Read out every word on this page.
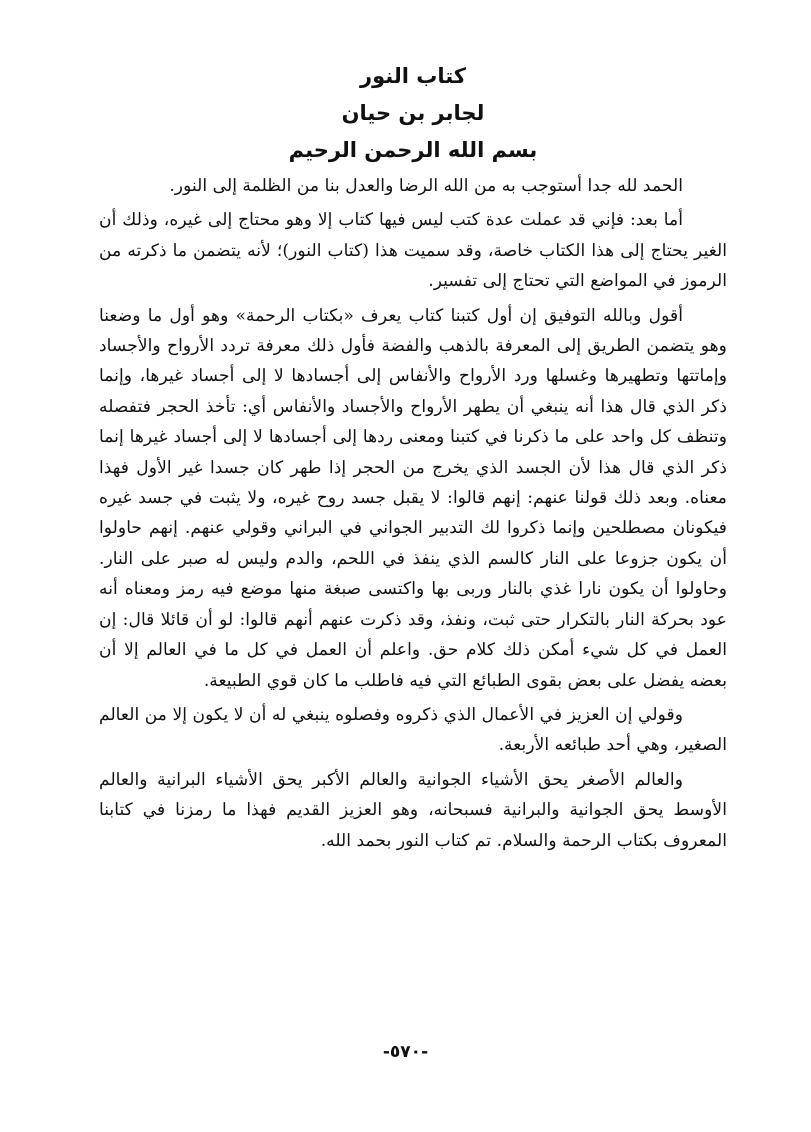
كتاب النور
لجابر بن حيان
بسم الله الرحمن الرحيم

الحمد لله جدا أستوجب به من الله الرضا والعدل بنا من الظلمة إلى النور.

أما بعد: فإني قد عملت عدة كتب ليس فيها كتاب إلا وهو محتاج إلى غيره، وذلك أن الغير يحتاج إلى هذا الكتاب خاصة، وقد سميت هذا (كتاب النور)؛ لأنه يتضمن ما ذكرته من الرموز في المواضع التي تحتاج إلى تفسير.

أقول وبالله التوفيق إن أول كتبنا كتاب يعرف «بكتاب الرحمة» وهو أول ما وضعنا وهو يتضمن الطريق إلى المعرفة بالذهب والفضة فأول ذلك معرفة تردد الأرواح والأجساد وإماتتها وتطهيرها وغسلها ورد الأرواح والأنفاس إلى أجسادها لا إلى أجساد غيرها، وإنما ذكر الذي قال هذا أنه ينبغي أن يطهر الأرواح والأجساد والأنفاس أي: تأخذ الحجر فتفصله وتنظف كل واحد على ما ذكرنا في كتبنا ومعنى ردها إلى أجسادها لا إلى أجساد غيرها إنما ذكر الذي قال هذا لأن الجسد الذي يخرج من الحجر إذا طهر كان جسدا غير الأول فهذا معناه. وبعد ذلك قولنا عنهم: إنهم قالوا: لا يقبل جسد روح غيره، ولا يثبت في جسد غيره فيكونان مصطلحين وإنما ذكروا لك التدبير الجواني في البراني وقولي عنهم. إنهم حاولوا أن يكون جزوعا على النار كالسم الذي ينفذ في اللحم، والدم وليس له صبر على النار. وحاولوا أن يكون نارا غذي بالنار وربى بها واكتسى صبغة منها موضع فيه رمز ومعناه أنه عود بحركة النار بالتكرار حتى ثبت، ونفذ، وقد ذكرت عنهم أنهم قالوا: لو أن قائلا قال: إن العمل في كل شيء أمكن ذلك كلام حق. واعلم أن العمل في كل ما في العالم إلا أن بعضه يفضل على بعض بقوى الطبائع التي فيه فاطلب ما كان قوي الطبيعة.

وقولي إن العزيز في الأعمال الذي ذكروه وفصلوه ينبغي له أن لا يكون إلا من العالم الصغير، وهي أحد طبائعه الأربعة.

والعالم الأصغر يحق الأشياء الجوانية والعالم الأكبر يحق الأشياء البرانية والعالم الأوسط يحق الجوانية والبرانية فسبحانه، وهو العزيز القديم فهذا ما رمزنا في كتابنا المعروف بكتاب الرحمة والسلام. تم كتاب النور بحمد الله.

-٥٧٠-
